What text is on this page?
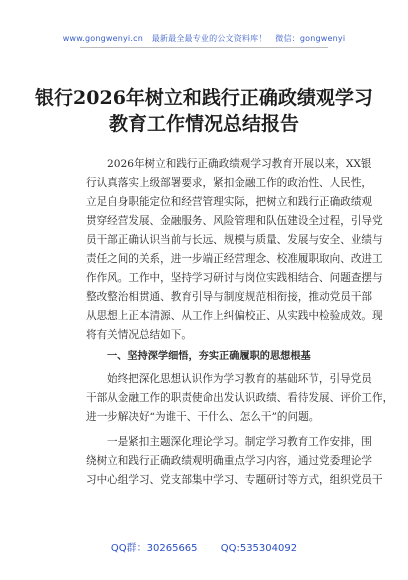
www.gongwenyi.cn 最新最全最专业的公文资料库！ 微信：gongwenyi
银行2026年树立和践行正确政绩观学习
教育工作情况总结报告
2026年树立和践行正确政绩观学习教育开展以来，XX银
行认真落实上级部署要求，紧扣金融工作的政治性、人民性，
立足自身职能定位和经营管理实际，把树立和践行正确政绩观
贯穿经营发展、金融服务、风险管理和队伍建设全过程，引导党
员干部正确认识当前与长远、规模与质量、发展与安全、业绩与
责任之间的关系，进一步端正经营理念、校准履职取向、改进工
作作风。工作中，坚持学习研讨与岗位实践相结合、问题查摆与
整改整治相贯通、教育引导与制度规范相衔接，推动党员干部
从思想上正本清源、从工作上纠偏校正、从实践中检验成效。现
将有关情况总结如下。
一、坚持深学细悟，夯实正确履职的思想根基
始终把深化思想认识作为学习教育的基础环节，引导党员
干部从金融工作的职责使命出发认识政绩、看待发展、评价工作，
进一步解决好“为谁干、干什么、怎么干”的问题。
一是紧扣主题深化理论学习。制定学习教育工作安排，围
绕树立和践行正确政绩观明确重点学习内容，通过党委理论学
习中心组学习、党支部集中学习、专题研讨等方式，组织党员干
QQ群：30265665 QQ:535304092
